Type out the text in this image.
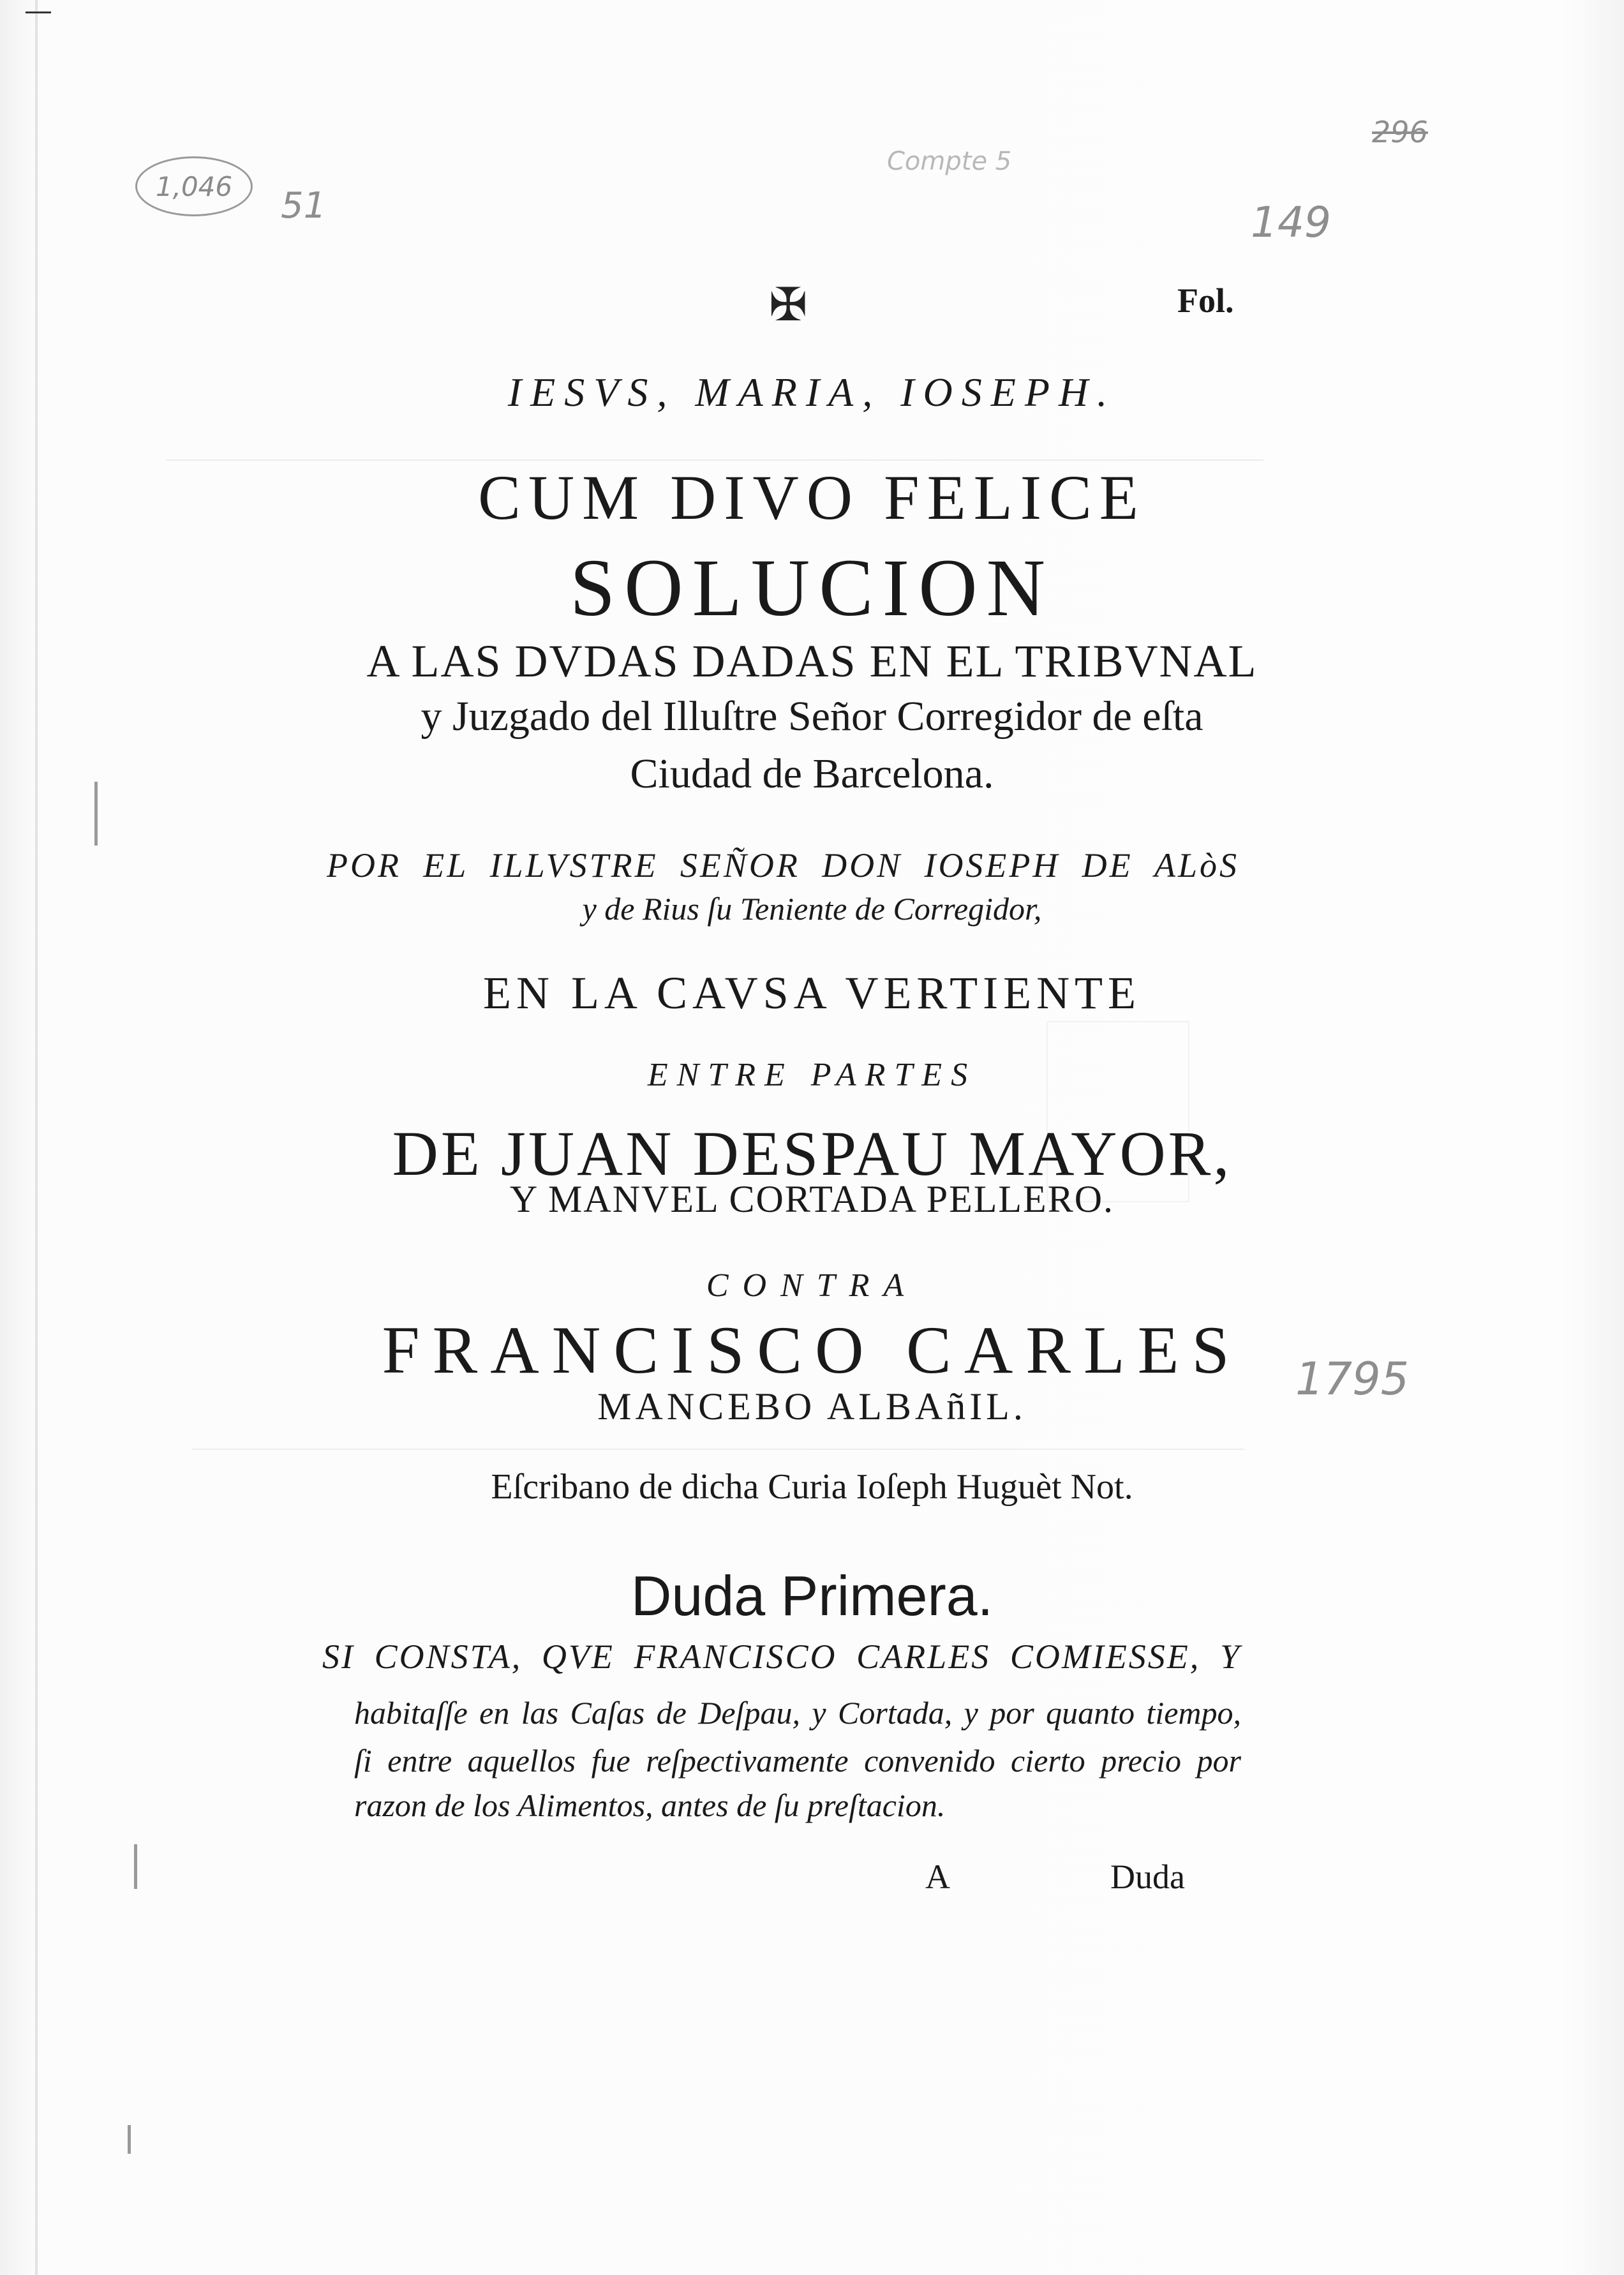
1,046 51
Compte 5
296
149
1795
✠	Fol.
IESVS, MARIA, IOSEPH.
CUM DIVO FELICE
SOLUCION
A LAS DVDAS DADAS EN EL TRIBVNAL
y Juzgado del Illuſtre Señor Corregidor de eſta
Ciudad de Barcelona.
POR EL ILLVSTRE SEÑOR DON IOSEPH DE ALòS
y de Rius ſu Teniente de Corregidor,
EN LA CAVSA VERTIENTE
ENTRE PARTES
DE JUAN DESPAU MAYOR,
Y MANVEL CORTADA PELLERO.
CONTRA
FRANCISCO CARLES
MANCEBO ALBAñIL.
Eſcribano de dicha Curia Ioſeph Huguèt Not.
Duda Primera.
SI CONSTA, QVE FRANCISCO CARLES COMIESSE, Y
habitaſſe en las Caſas de Deſpau, y Cortada, y por quanto tiempo,
ſi entre aquellos fue reſpectivamente convenido cierto precio por
razon de los Alimentos, antes de ſu preſtacion.
A	Duda
